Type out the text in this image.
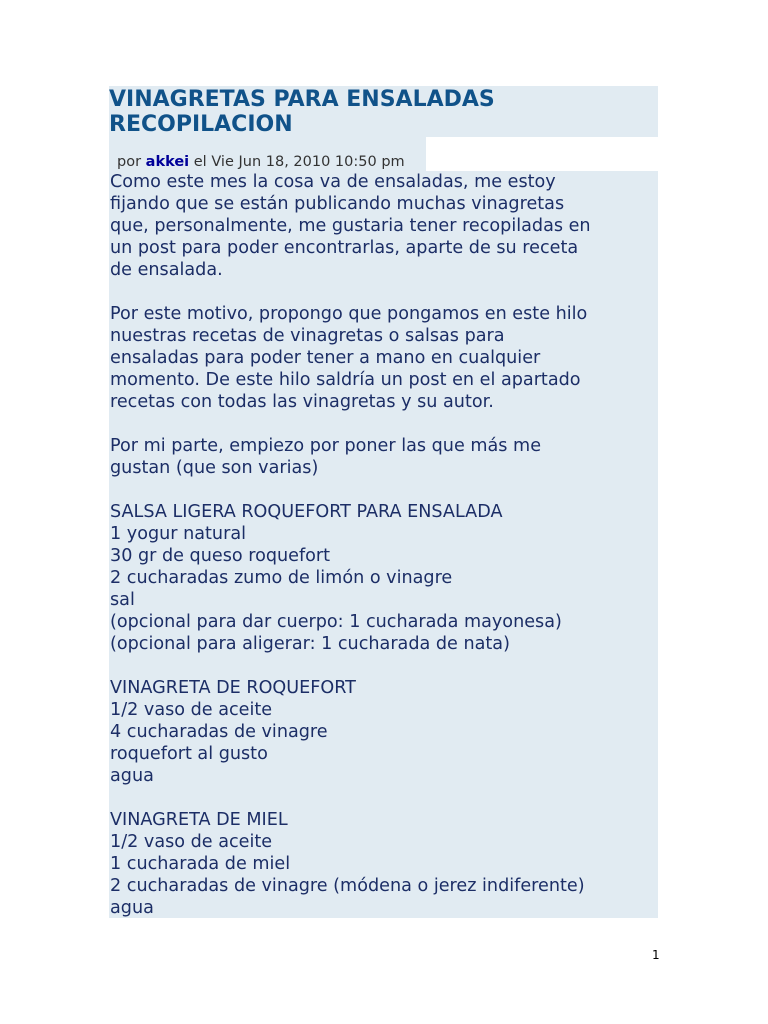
VINAGRETAS PARA ENSALADAS
RECOPILACION
por akkei el Vie Jun 18, 2010 10:50 pm
Como este mes la cosa va de ensaladas, me estoy
fijando que se están publicando muchas vinagretas
que, personalmente, me gustaria tener recopiladas en
un post para poder encontrarlas, aparte de su receta
de ensalada.
Por este motivo, propongo que pongamos en este hilo
nuestras recetas de vinagretas o salsas para
ensaladas para poder tener a mano en cualquier
momento. De este hilo saldría un post en el apartado
recetas con todas las vinagretas y su autor.
Por mi parte, empiezo por poner las que más me
gustan (que son varias)
SALSA LIGERA ROQUEFORT PARA ENSALADA
1 yogur natural
30 gr de queso roquefort
2 cucharadas zumo de limón o vinagre
sal
(opcional para dar cuerpo: 1 cucharada mayonesa)
(opcional para aligerar: 1 cucharada de nata)
VINAGRETA DE ROQUEFORT
1/2 vaso de aceite
4 cucharadas de vinagre
roquefort al gusto
agua
VINAGRETA DE MIEL
1/2 vaso de aceite
1 cucharada de miel
2 cucharadas de vinagre (módena o jerez indiferente)
agua
1
